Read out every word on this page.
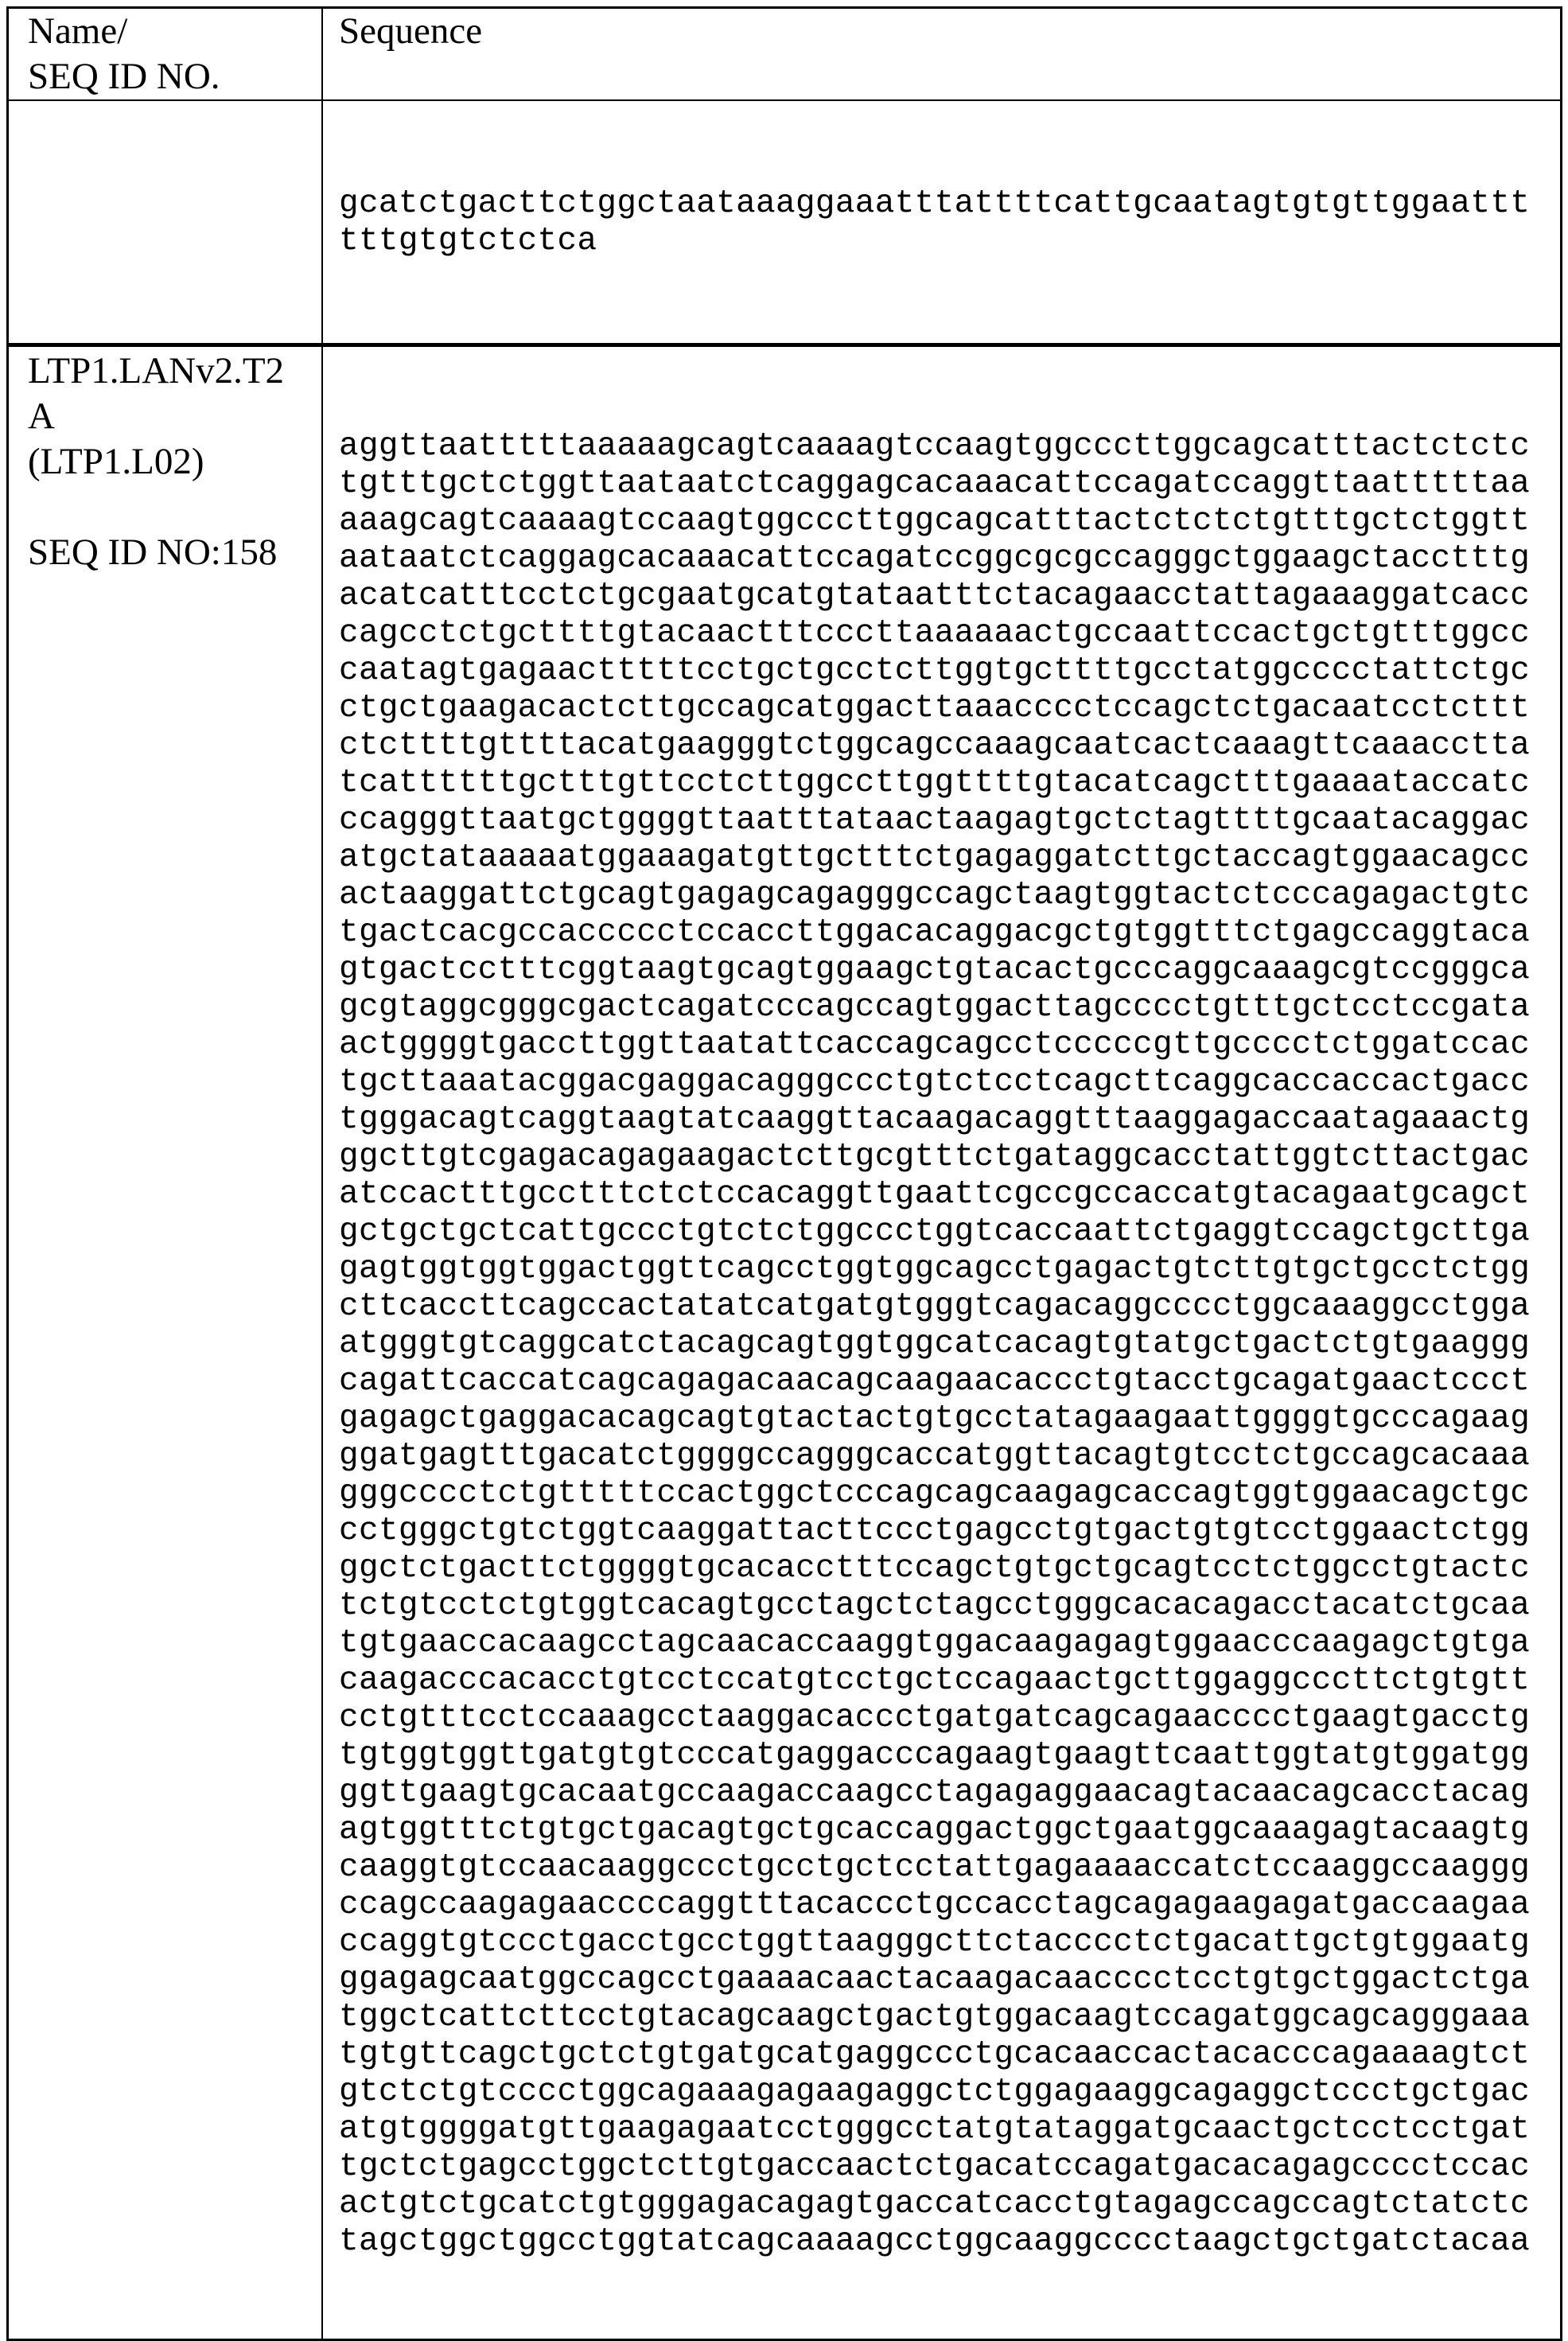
Name/
SEQ ID NO.
Sequence

gcatctgacttctggctaataaaggaaatttattttcattgcaatagtgtgttggaattt
tttgtgtctctca

LTP1.LANv2.T2
A
(LTP1.L02)
SEQ ID NO:158

aggttaatttttaaaaagcagtcaaaagtccaagtggcccttggcagcatttactctctc
tgtttgctctggttaataatctcaggagcacaaacattccagatccaggttaatttttaa
aaagcagtcaaaagtccaagtggcccttggcagcatttactctctctgtttgctctggtt
aataatctcaggagcacaaacattccagatccggcgcgccagggctggaagctacctttg
acatcatttcctctgcgaatgcatgtataatttctacagaacctattagaaaggatcacc
cagcctctgcttttgtacaactttcccttaaaaaactgccaattccactgctgtttggcc
caatagtgagaactttttcctgctgcctcttggtgcttttgcctatggcccctattctgc
ctgctgaagacactcttgccagcatggacttaaacccctccagctctgacaatcctcttt
ctcttttgttttacatgaagggtctggcagccaaagcaatcactcaaagttcaaacctta
tcattttttgctttgttcctcttggccttggttttgtacatcagctttgaaaataccatc
ccagggttaatgctggggttaatttataactaagagtgctctagttttgcaatacaggac
atgctataaaaatggaaagatgttgctttctgagaggatcttgctaccagtggaacagcc
actaaggattctgcagtgagagcagagggccagctaagtggtactctcccagagactgtc
tgactcacgccaccccctccaccttggacacaggacgctgtggtttctgagccaggtaca
gtgactcctttcggtaagtgcagtggaagctgtacactgcccaggcaaagcgtccgggca
gcgtaggcgggcgactcagatcccagccagtggacttagcccctgtttgctcctccgata
actggggtgaccttggttaatattcaccagcagcctcccccgttgcccctctggatccac
tgcttaaatacggacgaggacagggccctgtctcctcagcttcaggcaccaccactgacc
tgggacagtcaggtaagtatcaaggttacaagacaggtttaaggagaccaatagaaactg
ggcttgtcgagacagagaagactcttgcgtttctgataggcacctattggtcttactgac
atccactttgcctttctctccacaggttgaattcgccgccaccatgtacagaatgcagct
gctgctgctcattgccctgtctctggccctggtcaccaattctgaggtccagctgcttga
gagtggtggtggactggttcagcctggtggcagcctgagactgtcttgtgctgcctctgg
cttcaccttcagccactatatcatgatgtgggtcagacaggcccctggcaaaggcctgga
atgggtgtcaggcatctacagcagtggtggcatcacagtgtatgctgactctgtgaaggg
cagattcaccatcagcagagacaacagcaagaacaccctgtacctgcagatgaactccct
gagagctgaggacacagcagtgtactactgtgcctatagaagaattggggtgcccagaag
ggatgagtttgacatctggggccagggcaccatggttacagtgtcctctgccagcacaaa
gggcccctctgtttttccactggctcccagcagcaagagcaccagtggtggaacagctgc
cctgggctgtctggtcaaggattacttccctgagcctgtgactgtgtcctggaactctgg
ggctctgacttctggggtgcacacctttccagctgtgctgcagtcctctggcctgtactc
tctgtcctctgtggtcacagtgcctagctctagcctgggcacacagacctacatctgcaa
tgtgaaccacaagcctagcaacaccaaggtggacaagagagtggaacccaagagctgtga
caagacccacacctgtcctccatgtcctgctccagaactgcttggaggcccttctgtgtt
cctgtttcctccaaagcctaaggacaccctgatgatcagcagaacccctgaagtgacctg
tgtggtggttgatgtgtcccatgaggacccagaagtgaagttcaattggtatgtggatgg
ggttgaagtgcacaatgccaagaccaagcctagagaggaacagtacaacagcacctacag
agtggtttctgtgctgacagtgctgcaccaggactggctgaatggcaaagagtacaagtg
caaggtgtccaacaaggccctgcctgctcctattgagaaaaccatctccaaggccaaggg
ccagccaagagaaccccaggtttacaccctgccacctagcagagaagagatgaccaagaa
ccaggtgtccctgacctgcctggttaagggcttctacccctctgacattgctgtggaatg
ggagagcaatggccagcctgaaaacaactacaagacaacccctcctgtgctggactctga
tggctcattcttcctgtacagcaagctgactgtggacaagtccagatggcagcagggaaa
tgtgttcagctgctctgtgatgcatgaggccctgcacaaccactacacccagaaaagtct
gtctctgtcccctggcagaaagagaagaggctctggagaaggcagaggctccctgctgac
atgtggggatgttgaagagaatcctgggcctatgtataggatgcaactgctcctcctgat
tgctctgagcctggctcttgtgaccaactctgacatccagatgacacagagcccctccac
actgtctgcatctgtgggagacagagtgaccatcacctgtagagccagccagtctatctc
tagctggctggcctggtatcagcaaaagcctggcaaggcccctaagctgctgatctacaa
